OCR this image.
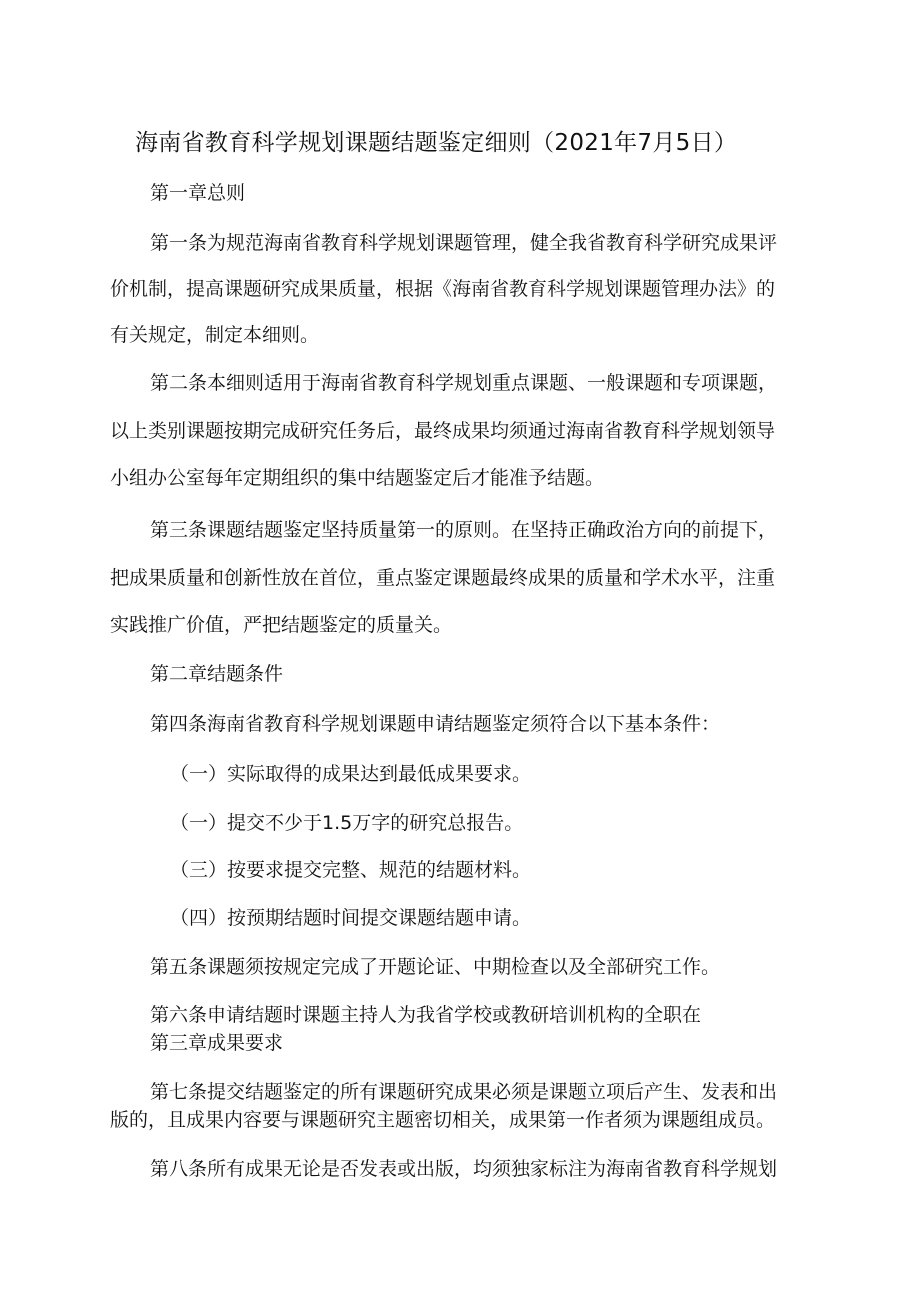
海南省教育科学规划课题结题鉴定细则（2021年7月5日）

第一章总则

第一条为规范海南省教育科学规划课题管理，健全我省教育科学研究成果评

价机制，提高课题研究成果质量，根据《海南省教育科学规划课题管理办法》的

有关规定，制定本细则。

第二条本细则适用于海南省教育科学规划重点课题、一般课题和专项课题，

以上类别课题按期完成研究任务后，最终成果均须通过海南省教育科学规划领导

小组办公室每年定期组织的集中结题鉴定后才能准予结题。

第三条课题结题鉴定坚持质量第一的原则。在坚持正确政治方向的前提下，

把成果质量和创新性放在首位，重点鉴定课题最终成果的质量和学术水平，注重

实践推广价值，严把结题鉴定的质量关。

第二章结题条件

第四条海南省教育科学规划课题申请结题鉴定须符合以下基本条件：

（一）实际取得的成果达到最低成果要求。

（一）提交不少于1.5万字的研究总报告。

（三）按要求提交完整、规范的结题材料。

（四）按预期结题时间提交课题结题申请。

第五条课题须按规定完成了开题论证、中期检查以及全部研究工作。

第六条申请结题时课题主持人为我省学校或教研培训机构的全职在

第三章成果要求

第七条提交结题鉴定的所有课题研究成果必须是课题立项后产生、发表和出

版的，且成果内容要与课题研究主题密切相关，成果第一作者须为课题组成员。

第八条所有成果无论是否发表或出版，均须独家标注为海南省教育科学规划
